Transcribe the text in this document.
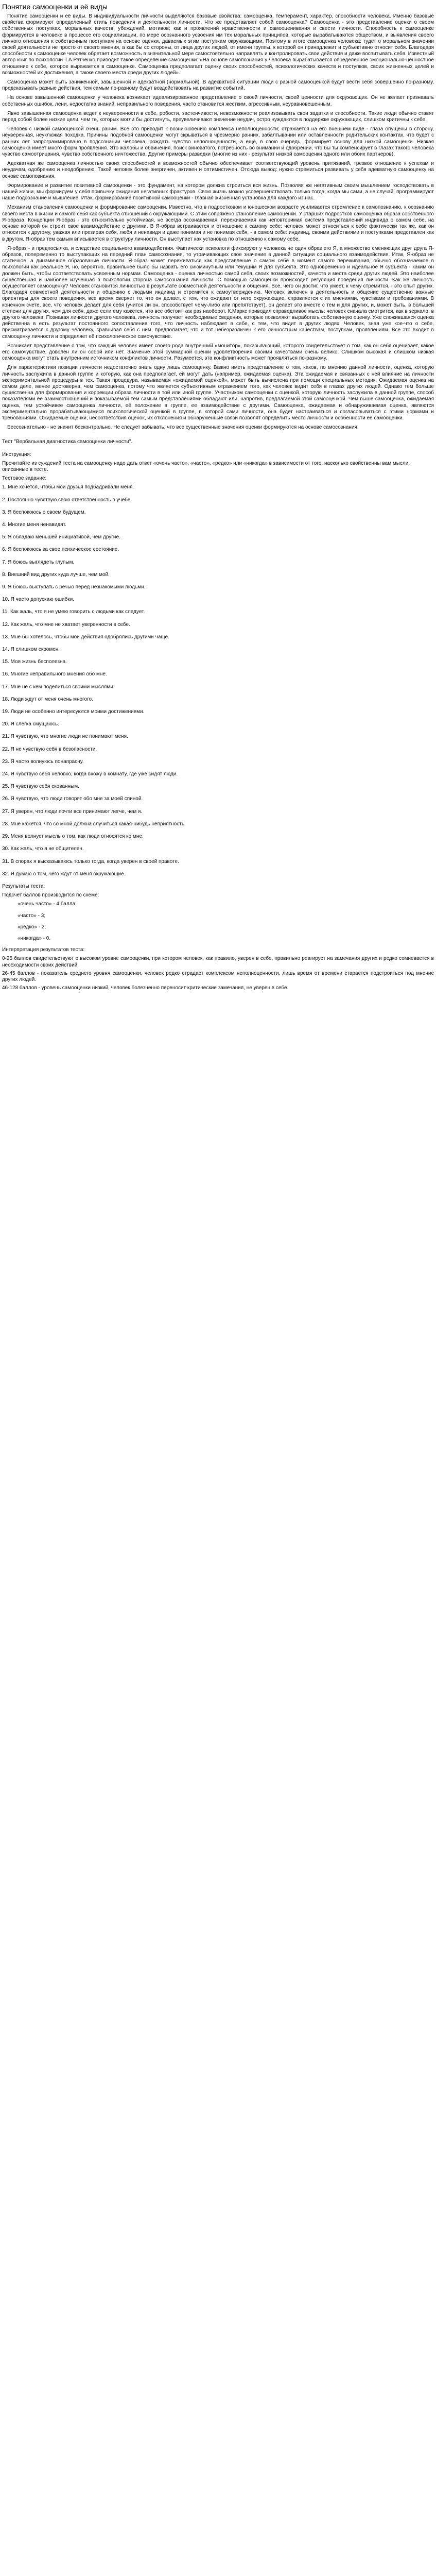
Понятие самооценки и её виды

Понятие самооценки и её виды. В индивидуальности личности выделяются базовые свойства: самооценка, темперамент, характер, способности человека. Именно базовые свойства формируют определенный стиль поведения и деятельности личности. Что же представляет собой самооценка? Самооценка - это представление оценки о своем собственных поступках, моральных качеств, убеждений, мотивов; как и проявлений нравственности и самооценивания и свести личности. Способность к самооценке формируется в человеке в процессе его социализации, по мере осознанного усвоения им тех моральных принципов, которые вырабатываются обществом, и выявления своего личного отношения к собственным поступкам на основе оценки, даваемых этим поступкам окружающими. Поэтому в итоге самооценка человека: тудет о моральном значении своей деятельности не просто от своего мнения, а как бы со стороны, от лица других людей, от имени группы, к которой он принадлежит и субъективно относит себя. Благодаря способности к самооценке человек обретает возможность в значительной мере самостоятельно направлять и контролировать свои действия и даже воспитывать себя. Известный автор книг по психологии Т.А.Ратченко приводит такое определение самооценки: «На основе самопознания у человека вырабатывается определенное эмоционально-ценностное отношение к себе, которое выражается в самооценке. Самооценка предполагает оценку своих способностей, психологических качеств и поступков, своих жизненных целей и возможностей их достижения, а также своего места среди других людей».

Самооценка может быть заниженной, завышенной и адекватной (нормальной). В адекватной ситуации люди с разной самооценкой будут вести себя совершенно по-разному, предсказывать разные действия, тем самым по-разному будут воздействовать на развитие событий.

На основе завышенной самооценки у человека возникает идеализированное представление о своей личности, своей ценности для окружающих. Он не желает признавать собственных ошибок, лени, недостатка знаний, неправильного поведения, часто становится жестким, агрессивным, неуравновешенным.

Явно завышенная самооценка ведет к неуверенности в себе, робости, застенчивости, невозможности реализовывать свои задатки и способности. Такие люди обычно ставят перед собой более низкие цели, чем те, которых могли бы достигнуть, преувеличивают значение неудач, остро нуждаются в поддержке окружающих, слишком критичны к себе.

Человек с низкой самооценкой очень раним. Все это приводит к возникновению комплекса неполноценности; отражается на его внешнем виде - глаза опущены в сторону, неуверенная, неуклюжая походка. Причины подобной самооценки могут скрываться в чрезмерно ранних, забалтывании или оставленности родительских контактах, что будет с ранних лет запрограммировано в подсознании человека, рождать чувство неполноценности, а ещё, в свою очередь, формирует основу для низкой самооценки. Низкая самооценка имеет много форм проявления. Это жалобы и обвинения, поиск виноватого, потребность во внимании и одобрении, что бы ты компенсирует в глазах такого человека чувство самоотрицания, чувство собственного ничтожества. Другие примеры разведки (многие из них - результат низкой самооценки одного или обоих партнеров).

Адекватная же самооценка личностью своих способностей и возможностей обычно обеспечивает соответствующий уровень притязаний, трезвое отношение к успехам и неудачам, одобрению и неодобрению. Такой человек более энергичен, активен и оптимистичен. Отсюда вывод: нужно стремиться развивать у себя адекватную самооценку на основе самопознания.

Формирование и развитие позитивной самооценки - это фундамент, на котором должна строиться вся жизнь. Позволяя же негативным своим мышлением господствовать в нашей жизни, мы формируем у себя привычку ожидания негативных фрактуров. Свою жизнь можно усовершенствовать только тогда, когда мы сами, а не случай, программируют наше подсознание и мышление. Итак, формирование позитивной самооценки - главная жизненная установка для каждого из нас.

Механизм становления самооценки и формирование самооценки. Известно, что в подростковом и юношеском возрасте усиливается стремление к самопознанию, к осознанию своего места в жизни и самого себя как субъекта отношений с окружающими. С этим сопряжено становление самооценки. У старших подростков самооценка образа собственного Я-образа. Концепции Я-образ - это относительно устойчивая, не всегда осознаваемая, переживаемая как неповторимая система представлений индивида о самом себе, на основе которой он строит свое взаимодействие с другими. В Я-образ встраивается и отношение к самому себе: человек может относиться к себе фактически так же, как он относится к другому, уважая или презирая себя, любя и ненавидя и даже понимая и не понимая себя, - в самом себе: индивид, своими действиями и поступками представлен как в другом. Я-образ тем самым вписывается в структуру личности. Он выступает как установка по отношению к самому себе.

Я-образ - и предпосылка, и следствие социального взаимодействия. Фактически психологи фиксируют у человека не один образ его Я, а множество сменяющих друг друга Я-образов, попеременно то выступающих на передний план самосознания, то утрачивающих свое значение в данной ситуации социального взаимодействия. Итак, Я-образ не статичное, а динамичное образование личности. Я-образ может переживаться как представление о самом себе в момент самого переживания, обычно обозначаемое в психологии как реальное Я, но, вероятно, правильнее было бы назвать его сиюминутным или текущим Я для субъекта. Это одновременно и идеальное Я субъекта - каким он должен быть, чтобы соответствовать усвоенным нормам. Самооценка - оценка личностью самой себя, своих возможностей, качеств и места среди других людей. Это наиболее существенная и наиболее изученная в психологии сторона самосознания личности. С помощью самооценки происходит регуляция поведения личности. Как же личность осуществляет самооценку? Человек становится личностью в результате совместной деятельности и общения. Все, чего он достиг, что умеет, к чему стремится, - это опыт других. Благодаря совместной деятельности и общению с людьми индивид и стремится к самоутверждению. Человек включен в деятельность и общение существенно важные ориентиры для своего поведения, все время сверяет то, что он делает, с тем, что ожидают от него окружающие, справляется с их мнениями, чувствами и требованиями. В конечном счете, все, что человек делает для себя (учится ли он, способствует чему-либо или препятствует), он делает это вместе с тем и для других, и, может быть, в большей степени для других, чем для себя, даже если ему кажется, что все обстоит как раз наоборот. К.Маркс приводил справедливое мысль: человек сначала смотрится, как в зеркало, в другого человека. Познавая личности другого человека, личность получает необходимые сведения, которые позволяют выработать собственную оценку. Уже сложившаяся оценка действенна в есть результат постоянного сопоставления того, что личность наблюдает в себе, с тем, что видит в других людях. Человек, зная уже кое-что о себе, присматривается к другому человеку, сравнивая себя с ним, предполагает, что и тот небезразличен к его личностным качествам, поступкам, проявлениям. Все это входит в самооценку личности и определяет её психологическое самочувствие.

Возникает представление о том, что каждый человек имеет своего рода внутренний «монитор», показывающий, которого свидетельствует о том, как он себя оценивает, какое его самочувствие, доволен ли он собой или нет. Значение этой суммарной оценки удовлетворения своими качествами очень велико. Слишком высокая и слишком низкая самооценка могут стать внутренним источником конфликтов личности. Разумеется, эта конфликтность может проявляться по-разному.

Для характеристики позиции личности недостаточно знать одну лишь самооценку. Важно иметь представление о том, каков, по мнению данной личности, оценка, которую личность заслужила в данной группе и которую, как она предполагает, ей могут дать (например, ожидаемая оценка). Эта ожидаемая и связанных с ней влияние на личности экспериментальной процедуры в тех. Такая процедура, называемая «ожидаемой оценкой», может быть вычислена при помощи специальных методик. Ожидаемая оценка на самом деле, менее достоверна, чем самооценка, потому что является субъективным отражением того, как человек видит себя в глазах других людей. Однако тем больше существенна для формирования и коррекции образа личности в той или иной группе. Участником самооценки с оценкой, которую личность заслужила в данной группе, способ показателями её взаимоотношений и показываемой тем самым представлениями обладают или, напротив, предлагаемой этой самооценкой. Чем выше самооценка, ожидаемая оценка, тем устойчивее самооценка личности, её положение в группе, ее взаимодействие с другими. Самооценка, ожидаемая и обнаруживаемая оценка, являются экспериментально прорабатывающимися психологической оценкой в группе, в которой сами личности, она будет настраиваться и согласовываться с этими нормами и требованиями. Ожидаемые оценки, несоответствия оценок, их отклонения и обнаруженные связи позволят определить место личности и особенности ее самооценки.

Бессознательно - не значит бесконтрольно. Не следует забывать, что все существенные значения оценки формируются на основе самосознания.

Тест "Вербальная диагностика самооценки личности".

Инструкция:

Прочитайте из суждений теста на самооценку надо дать ответ «очень часто», «часто», «редко» или «никогда» в зависимости от того, насколько свойственны вам мысли, описанные в тесте.

Тестовое задание:

1. Мне хочется, чтобы мои друзья подбадривали меня.
2. Постоянно чувствую свою ответственность в учебе.
3. Я беспокоюсь о своем будущем.
4. Многие меня ненавидят.
5. Я обладаю меньшей инициативой, чем другие.
6. Я беспокоюсь за свое психическое состояние.
7. Я боюсь выглядеть глупым.
8. Внешний вид других куда лучше, чем мой.
9. Я боюсь выступать с речью перед незнакомыми людьми.
10. Я часто допускаю ошибки.
11. Как жаль, что я не умею говорить с людьми как следует.
12. Как жаль, что мне не хватает уверенности в себе.
13. Мне бы хотелось, чтобы мои действия одобрялись другими чаще.
14. Я слишком скромен.
15. Моя жизнь бесполезна.
16. Многие неправильного мнения обо мне.
17. Мне не с кем поделиться своими мыслями.
18. Люди ждут от меня очень многого.
19. Люди не особенно интересуются моими достижениями.
20. Я слегка смущаюсь.
21. Я чувствую, что многие люди не понимают меня.
22. Я не чувствую себя в безопасности.
23. Я часто волнуюсь понапрасну.
24. Я чувствую себя неловко, когда вхожу в комнату, где уже сидят люди.
25. Я чувствую себя скованным.
26. Я чувствую, что люди говорят обо мне за моей спиной.
27. Я уверен, что люди почти все принимают легче, чем я.
28. Мне кажется, что со мной должна случиться какая-нибудь неприятность.
29. Меня волнует мысль о том, как люди относятся ко мне.
30. Как жаль, что я не общителен.
31. В спорах я высказываюсь только тогда, когда уверен в своей правоте.
32. Я думаю о том, чего ждут от меня окружающие.

Результаты теста:

Подсчет баллов производится по схеме:

«очень часто» - 4 балла;
«часто» - 3;
«редко» - 2;
«никогда» - 0.

Интерпретация результатов теста:

0-25 баллов свидетельствуют о высоком уровне самооценки, при котором человек, как правило, уверен в себе, правильно реагирует на замечания других и редко сомневается в необходимости своих действий.

26-45 баллов - показатель среднего уровня самооценки, человек редко страдает комплексом неполноценности, лишь время от времени старается подстроиться под мнение других людей.

46-128 баллов - уровень самооценки низкий, человек болезненно переносит критические замечания, не уверен в себе.
